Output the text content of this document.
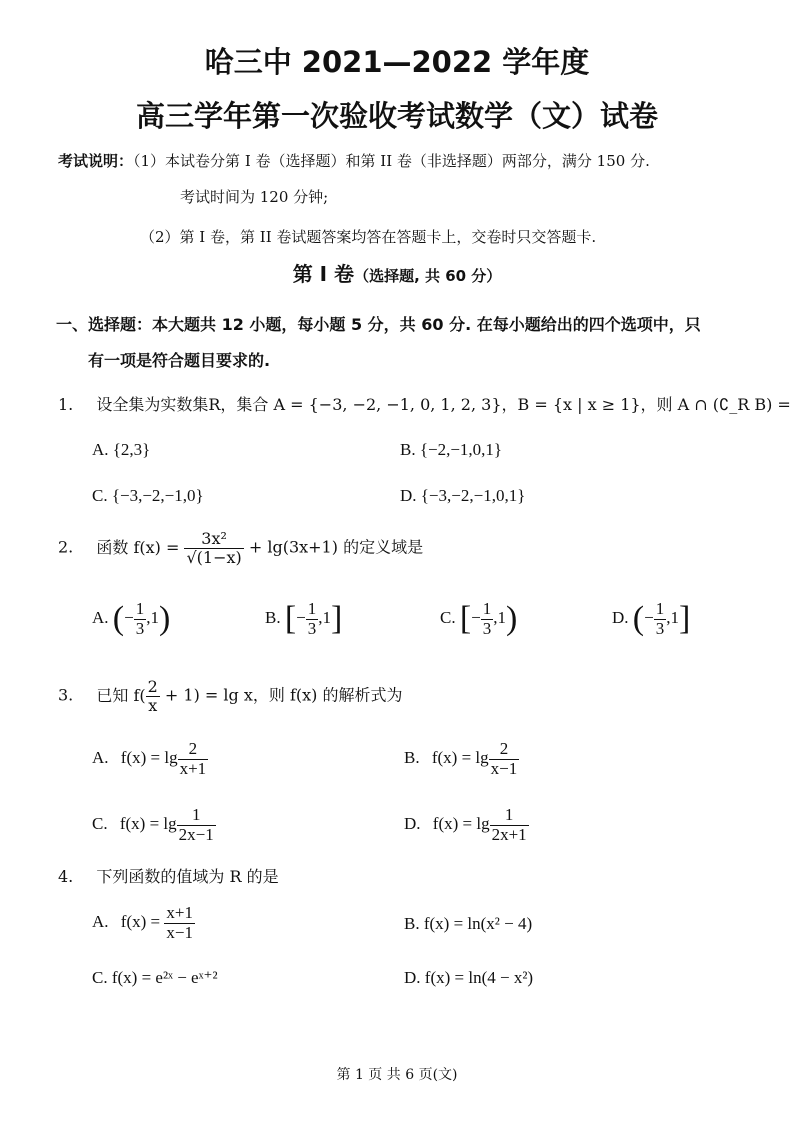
哈三中 2021—2022 学年度
高三学年第一次验收考试数学（文）试卷
考试说明：（1）本试卷分第 I 卷（选择题）和第 II 卷（非选择题）两部分，满分 150 分.
考试时间为 120 分钟;
（2）第 I 卷，第 II 卷试题答案均答在答题卡上，交卷时只交答题卡.
第 I 卷（选择题, 共 60 分）
一、选择题：本大题共 12 小题，每小题 5 分，共 60 分. 在每小题给出的四个选项中，只
有一项是符合题目要求的.
1. 设全集为实数集R，集合 A = {−3, −2, −1, 0, 1, 2, 3}，B = {x | x ≥ 1}，则 A ∩ (∁_R B) =
A. {2,3}	B. {−2,−1,0,1}
C. {−3,−2,−1,0}	D. {−3,−2,−1,0,1}
2. 函数 $f(x) = \frac{\text{3x²}}{√(1-x)} + \lg(3x+1)$ 的定义域是
A. (− $\frac{1}{3} ,1$)	B. [− $\frac{1}{3} ,1$]	C. [− $\frac{1}{3} ,1$)	D. (− $\frac{1}{3} ,1$]
3. 已知 $f( \frac{2}{x} + 1) = \lg x$，则 f(x) 的解析式为
A. $f(x) = \lg \frac{2}{x+1}$	B. $f(x) = \lg \frac{2}{x-1}$
C. $f(x) = \lg \frac{1}{2x-1}$	D. $f(x) = \lg \frac{1}{2x+1}$
4. 下列函数的值域为 R 的是
A. $f(x) = \frac{x+1}{x-1}$	B. f(x) = ln(x² − 4)
C. f(x) = e²ˣ − eˣ⁺²	D. f(x) = ln(4 − x²)
第 1 页 共 6 页(文)
